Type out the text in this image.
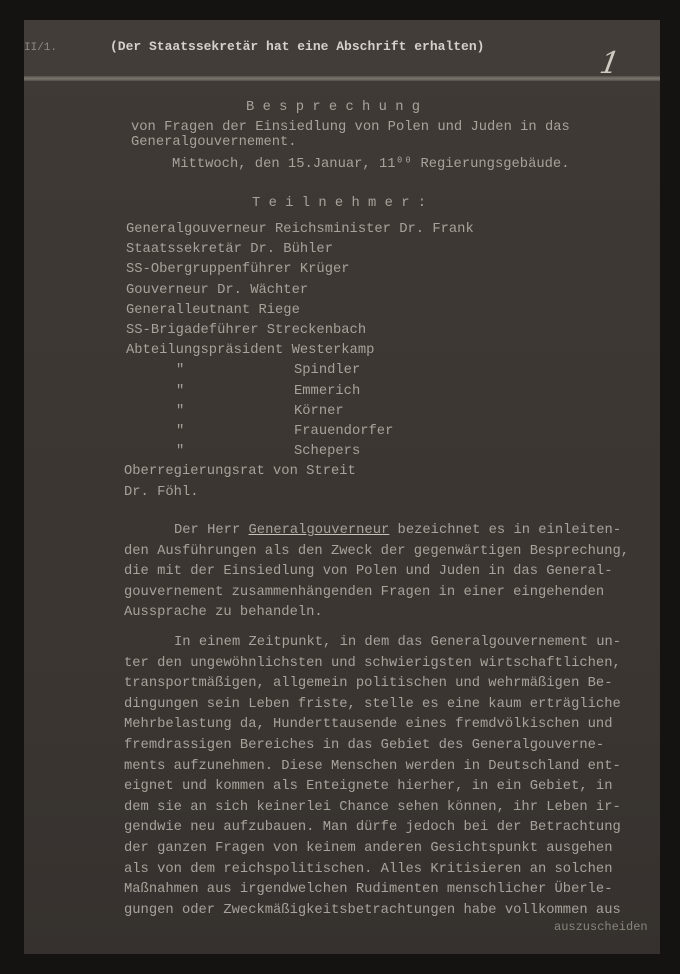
II/1.	(Der Staatssekretär hat eine Abschrift erhalten)	1
Besprechung
von Fragen der Einsiedlung von Polen und Juden in das
Generalgouvernement.
Mittwoch, den 15.Januar, 11⁰⁰ Regierungsgebäude.
Teilnehmer:
Generalgouverneur Reichsminister Dr. Frank
Staatssekretär Dr. Bühler
SS-Obergruppenführer Krüger
Gouverneur Dr. Wächter
Generalleutnant Riege
SS-Brigadeführer Streckenbach
Abteilungspräsident Westerkamp
"	Spindler
"	Emmerich
"	Körner
"	Frauendorfer
"	Schepers
Oberregierungsrat von Streit
Dr. Föhl.
Der Herr Generalgouverneur bezeichnet es in einleiten-
den Ausführungen als den Zweck der gegenwärtigen Besprechung,
die mit der Einsiedlung von Polen und Juden in das General-
gouvernement zusammenhängenden Fragen in einer eingehenden
Aussprache zu behandeln.
In einem Zeitpunkt, in dem das Generalgouvernement un-
ter den ungewöhnlichsten und schwierigsten wirtschaftlichen,
transportmäßigen, allgemein politischen und wehrmäßigen Be-
dingungen sein Leben friste, stelle es eine kaum erträgliche
Mehrbelastung da, Hunderttausende eines fremdvölkischen und
fremdrassigen Bereiches in das Gebiet des Generalgouverne-
ments aufzunehmen. Diese Menschen werden in Deutschland ent-
eignet und kommen als Enteignete hierher, in ein Gebiet, in
dem sie an sich keinerlei Chance sehen können, ihr Leben ir-
gendwie neu aufzubauen. Man dürfe jedoch bei der Betrachtung
der ganzen Fragen von keinem anderen Gesichtspunkt ausgehen
als von dem reichspolitischen. Alles Kritisieren an solchen
Maßnahmen aus irgendwelchen Rudimenten menschlicher Überle-
gungen oder Zweckmäßigkeitsbetrachtungen habe vollkommen aus
auszuscheiden
